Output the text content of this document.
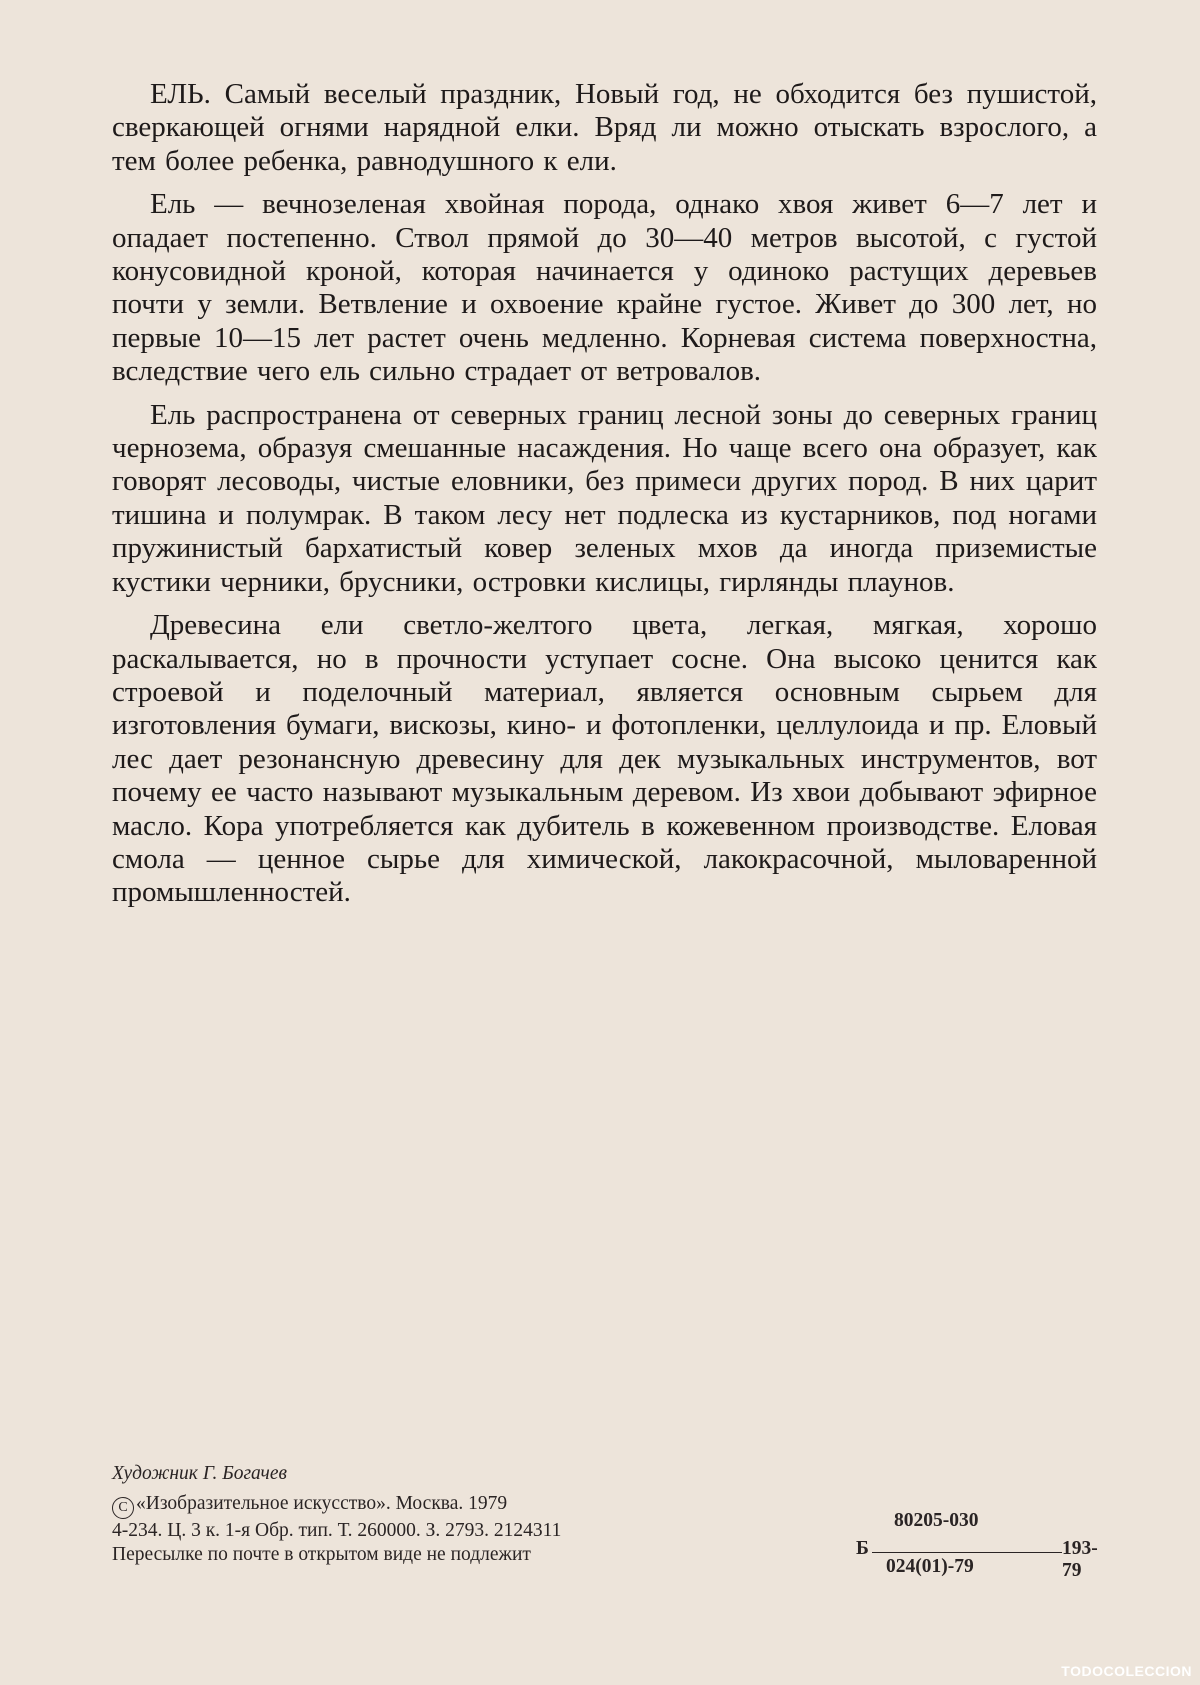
ЕЛЬ. Самый веселый праздник, Новый год, не обходится без пушистой, сверкающей огнями нарядной елки. Вряд ли можно отыскать взрослого, а тем более ребенка, равнодушного к ели.

Ель — вечнозеленая хвойная порода, однако хвоя живет 6—7 лет и опадает постепенно. Ствол прямой до 30—40 метров высотой, с густой конусовидной кроной, которая начинается у одиноко растущих деревьев почти у земли. Ветвление и охвоение крайне густое. Живет до 300 лет, но первые 10—15 лет растет очень медленно. Корневая система поверхностна, вследствие чего ель сильно страдает от ветровалов.

Ель распространена от северных границ лесной зоны до северных границ чернозема, образуя смешанные насаждения. Но чаще всего она образует, как говорят лесоводы, чистые еловники, без примеси других пород. В них царит тишина и полумрак. В таком лесу нет подлеска из кустарников, под ногами пружинистый бархатистый ковер зеленых мхов да иногда приземистые кустики черники, брусники, островки кислицы, гирлянды плаунов.

Древесина ели светло-желтого цвета, легкая, мягкая, хорошо раскалывается, но в прочности уступает сосне. Она высоко ценится как строевой и поделочный материал, является основным сырьем для изготовления бумаги, вискозы, кино- и фотопленки, целлулоида и пр. Еловый лес дает резонансную древесину для дек музыкальных инструментов, вот почему ее часто называют музыкальным деревом. Из хвои добывают эфирное масло. Кора употребляется как дубитель в кожевенном производстве. Еловая смола — ценное сырье для химической, лакокрасочной, мыловаренной промышленностей.

Художник Г. Богачев
C «Изобразительное искусство». Москва. 1979
4-234. Ц. 3 к. 1-я Обр. тип. Т. 260000. З. 2793. 2124311
Пересылке по почте в открытом виде не подлежит	Б
80205-030
193-79
024(01)-79
TODOCOLECCION
